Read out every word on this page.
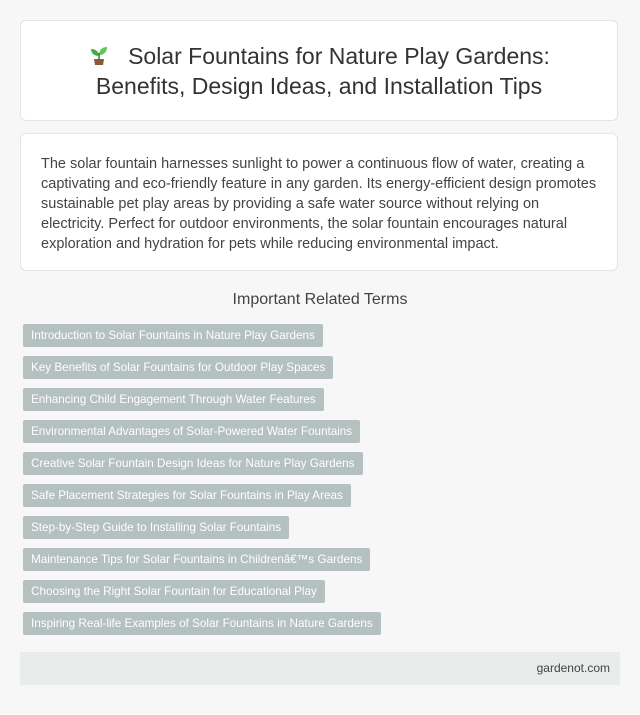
Solar Fountains for Nature Play Gardens:
Benefits, Design Ideas, and Installation Tips

The solar fountain harnesses sunlight to power a continuous flow of water, creating a captivating and eco-friendly feature in any garden. Its energy-efficient design promotes sustainable pet play areas by providing a safe water source without relying on electricity. Perfect for outdoor environments, the solar fountain encourages natural exploration and hydration for pets while reducing environmental impact.

Important Related Terms
Introduction to Solar Fountains in Nature Play Gardens
Key Benefits of Solar Fountains for Outdoor Play Spaces
Enhancing Child Engagement Through Water Features
Environmental Advantages of Solar-Powered Water Fountains
Creative Solar Fountain Design Ideas for Nature Play Gardens
Safe Placement Strategies for Solar Fountains in Play Areas
Step-by-Step Guide to Installing Solar Fountains
Maintenance Tips for Solar Fountains in Childrenâ€™s Gardens
Choosing the Right Solar Fountain for Educational Play
Inspiring Real-life Examples of Solar Fountains in Nature Gardens
gardenot.com
